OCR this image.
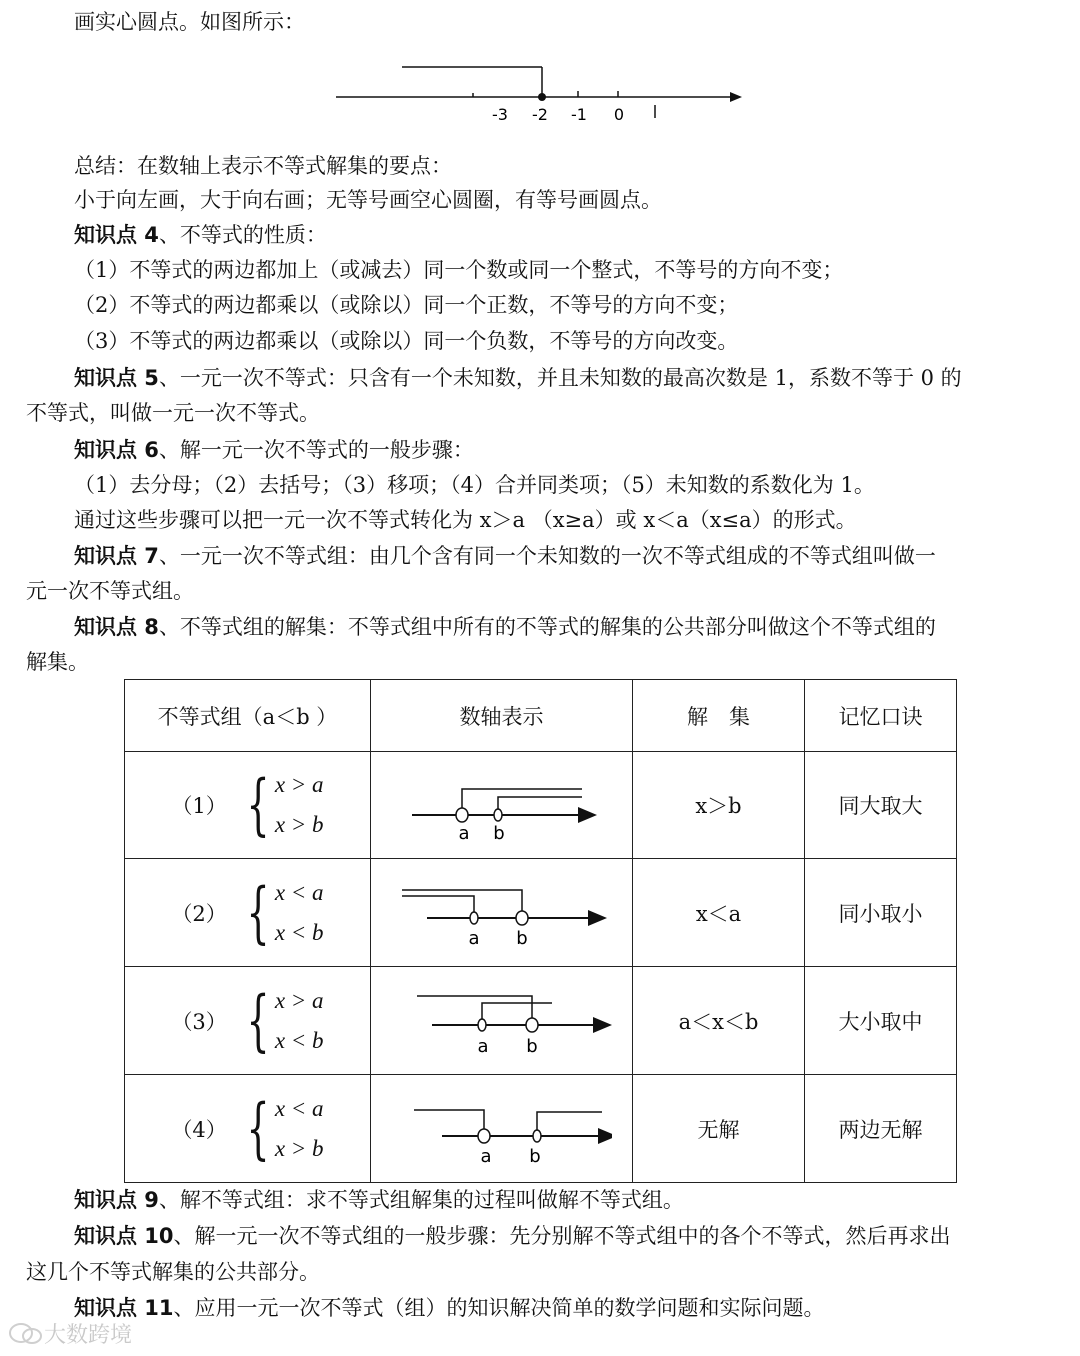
画实心圆点。如图所示：
-3 -2 -1 0
总结：在数轴上表示不等式解集的要点：
小于向左画，大于向右画；无等号画空心圆圈，有等号画圆点。
知识点 4、不等式的性质：
（1）不等式的两边都加上（或减去）同一个数或同一个整式，不等号的方向不变；
（2）不等式的两边都乘以（或除以）同一个正数，不等号的方向不变；
（3）不等式的两边都乘以（或除以）同一个负数，不等号的方向改变。
知识点 5、一元一次不等式：只含有一个未知数，并且未知数的最高次数是 1，系数不等于 0 的
不等式，叫做一元一次不等式。
知识点 6、解一元一次不等式的一般步骤：
（1）去分母；（2）去括号；（3）移项；（4）合并同类项；（5）未知数的系数化为 1。
通过这些步骤可以把一元一次不等式转化为 x＞a （x≥a）或 x＜a（x≤a）的形式。
知识点 7、一元一次不等式组：由几个含有同一个未知数的一次不等式组成的不等式组叫做一
元一次不等式组。
知识点 8、不等式组的解集：不等式组中所有的不等式的解集的公共部分叫做这个不等式组的
解集。
不等式组（a＜b ）	数轴表示	解　集	记忆口诀

（1） { x > a
x > b	a b	x＞b	同大取大

（2） { x < a
x < b	a b	x＜a	同小取小

（3） { x > a
x < b	a b	a＜x＜b	大小取中

（4） { x < a
x > b	a b	无解	两边无解
知识点 9、解不等式组：求不等式组解集的过程叫做解不等式组。
知识点 10、解一元一次不等式组的一般步骤：先分别解不等式组中的各个不等式，然后再求出
这几个不等式解集的公共部分。
知识点 11、应用一元一次不等式（组）的知识解决简单的数学问题和实际问题。
大数跨境
